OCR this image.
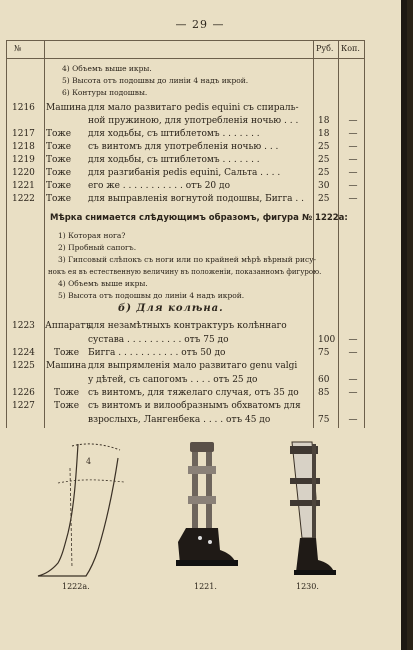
— 29 —
№	Руб. Коп.
4) Объемъ выше икры.
5) Высота отъ подошвы до линіи 4 надъ икрой.
6) Контуры подошвы.
1216	Машина для мало развитаго pedis equini съ спираль-
ной пружиною, для употребленія ночью . . .	18	—
1217	Тоже для ходьбы, съ штиблетомъ . . . . . . .	18	—
1218	Тоже съ винтомъ для употребленія ночью . . .	25	—
1219	Тоже для ходьбы, съ штиблетомъ . . . . . . .	25	—
1220	Тоже для разгибанія pedis equini, Сальта . . . .	25	—
1221	Тоже его же . . . . . . . . . . . отъ 20 до	30	—
1222	Тоже для выправленія вогнутой подошвы, Бигга . . 25	—
Мѣрка снимается слѣдующимъ образомъ, фигура № 1222а:
1) Которая нога?
2) Пробный сапогъ.
3) Гипсовый слѣпокъ съ ноги или по крайней мѣрѣ вѣрный рису-
нокъ ея въ естественную величину въ положеніи, показанномъ фигурою.
4) Объемъ выше икры.
5) Высота отъ подошвы до линіи 4 надъ икрой.
б) Для колѣна.
1223	Аппаратъ
для незамѣтныхъ контрактуръ колѣннаго
сустава . . . . . . . . . . отъ 75 до	100	—
1224	Тоже Бигга . . . . . . . . . . . отъ 50 до	75	—
1225	Машина для выпрямленія мало развитаго genu valgi
у дѣтей, съ сапогомъ . . . . отъ 25 до	60	—
1226	Тоже съ винтомъ, для тяжелаго случая, отъ 35 до	85	—
1227	Тоже съ винтомъ и вилообразнымъ обхватомъ для
взрослыхъ, Лангенбека . . . . отъ 45 до	75	—
4
1222а.	1221.	1230.
